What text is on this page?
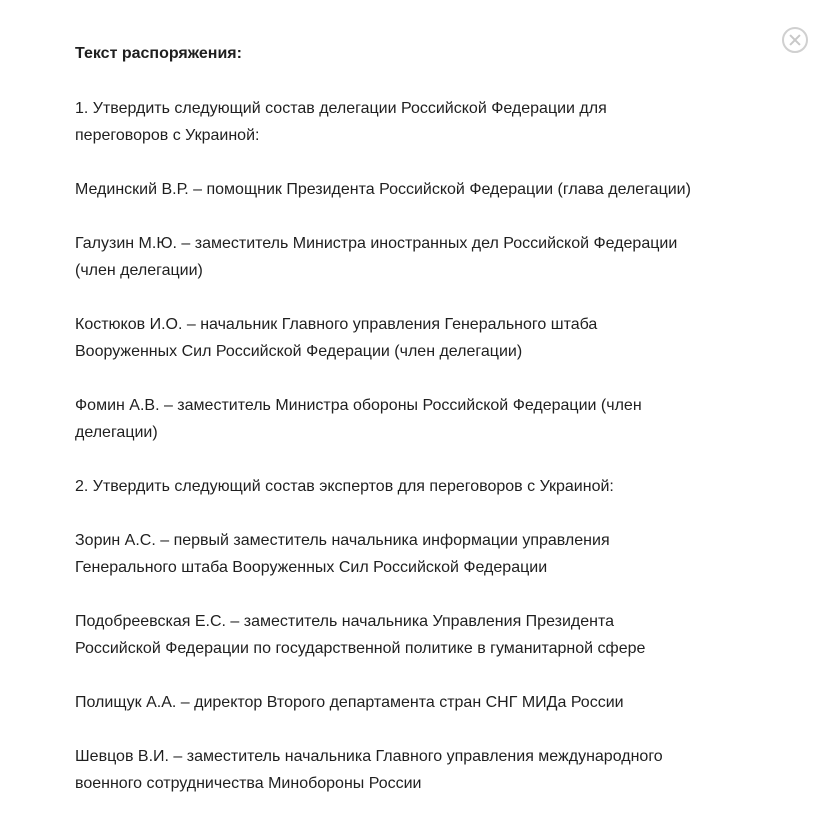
Текст распоряжения:
1. Утвердить следующий состав делегации Российской Федерации для переговоров с Украиной:
Мединский В.Р. – помощник Президента Российской Федерации (глава делегации)
Галузин М.Ю. – заместитель Министра иностранных дел Российской Федерации (член делегации)
Костюков И.О. – начальник Главного управления Генерального штаба Вооруженных Сил Российской Федерации (член делегации)
Фомин А.В. – заместитель Министра обороны Российской Федерации (член делегации)
2. Утвердить следующий состав экспертов для переговоров с Украиной:
Зорин А.С. – первый заместитель начальника информации управления Генерального штаба Вооруженных Сил Российской Федерации
Подобреевская Е.С. – заместитель начальника Управления Президента Российской Федерации по государственной политике в гуманитарной сфере
Полищук А.А. – директор Второго департамента стран СНГ МИДа России
Шевцов В.И. – заместитель начальника Главного управления международного военного сотрудничества Минобороны России
